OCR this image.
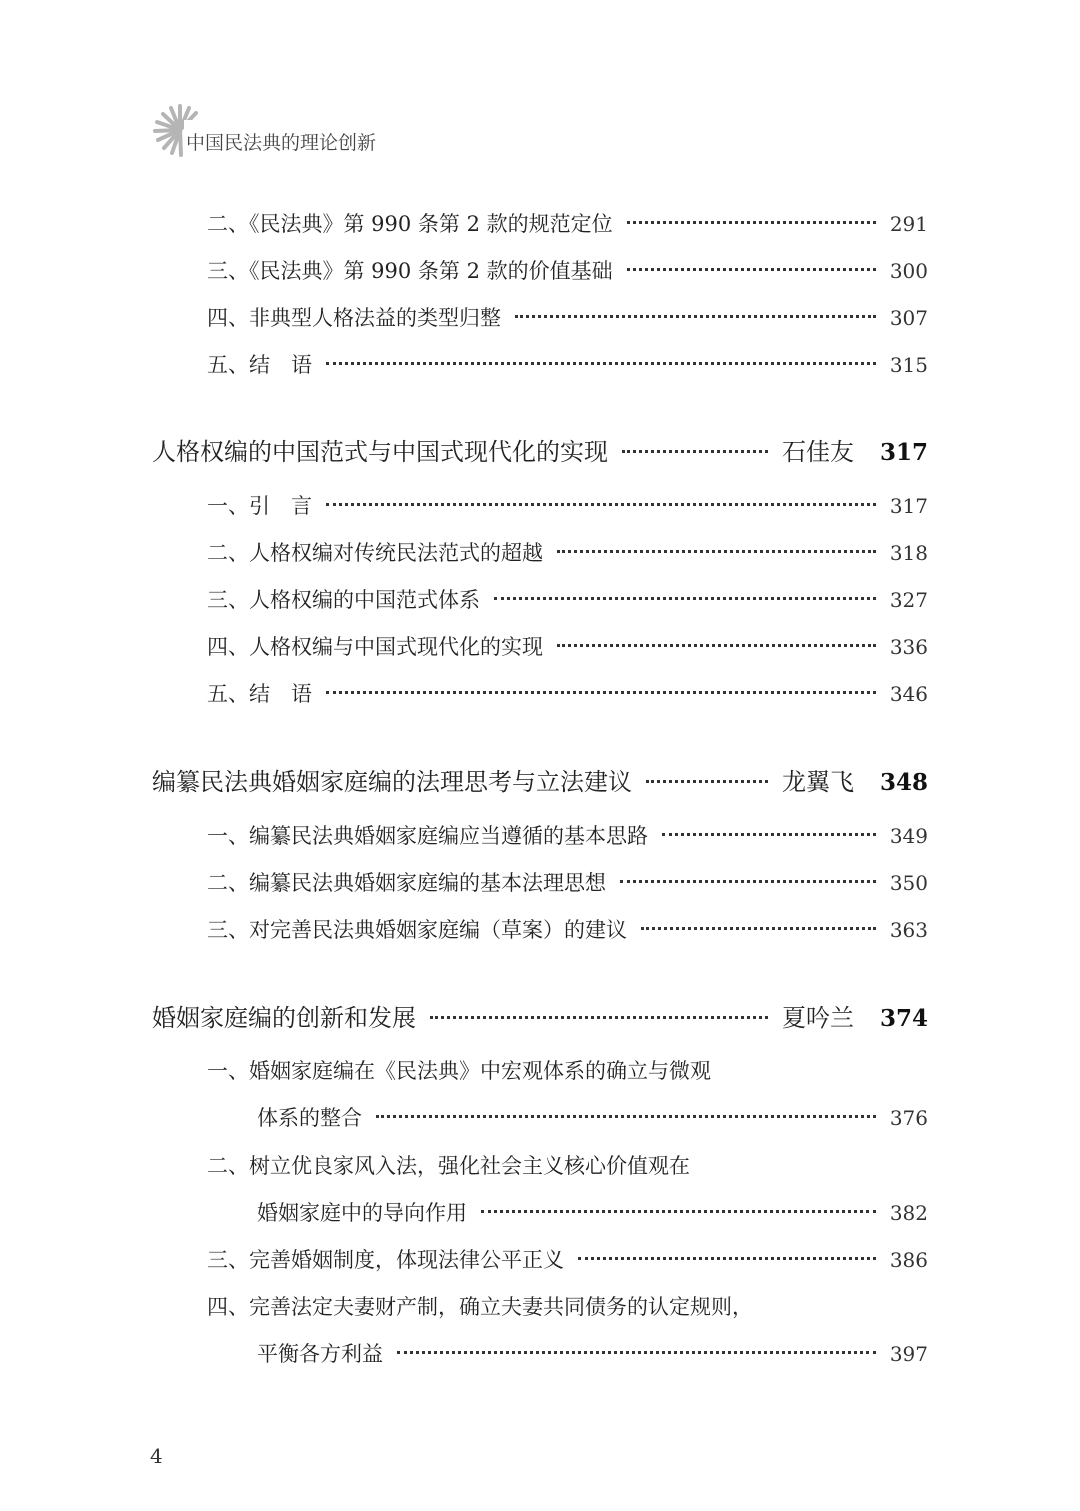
中国民法典的理论创新
二、《民法典》第 990 条第 2 款的规范定位	291
三、《民法典》第 990 条第 2 款的价值基础	300
四、非典型人格法益的类型归整	307
五、结　语	315
人格权编的中国范式与中国式现代化的实现	石佳友 317
一、引　言	317
二、人格权编对传统民法范式的超越	318
三、人格权编的中国范式体系	327
四、人格权编与中国式现代化的实现	336
五、结　语	346
编纂民法典婚姻家庭编的法理思考与立法建议	龙翼飞 348
一、编纂民法典婚姻家庭编应当遵循的基本思路	349
二、编纂民法典婚姻家庭编的基本法理思想	350
三、对完善民法典婚姻家庭编（草案）的建议	363
婚姻家庭编的创新和发展	夏吟兰 374
一、婚姻家庭编在《民法典》中宏观体系的确立与微观
体系的整合	376
二、树立优良家风入法，强化社会主义核心价值观在
婚姻家庭中的导向作用	382
三、完善婚姻制度，体现法律公平正义	386
四、完善法定夫妻财产制，确立夫妻共同债务的认定规则，
平衡各方利益	397
4
